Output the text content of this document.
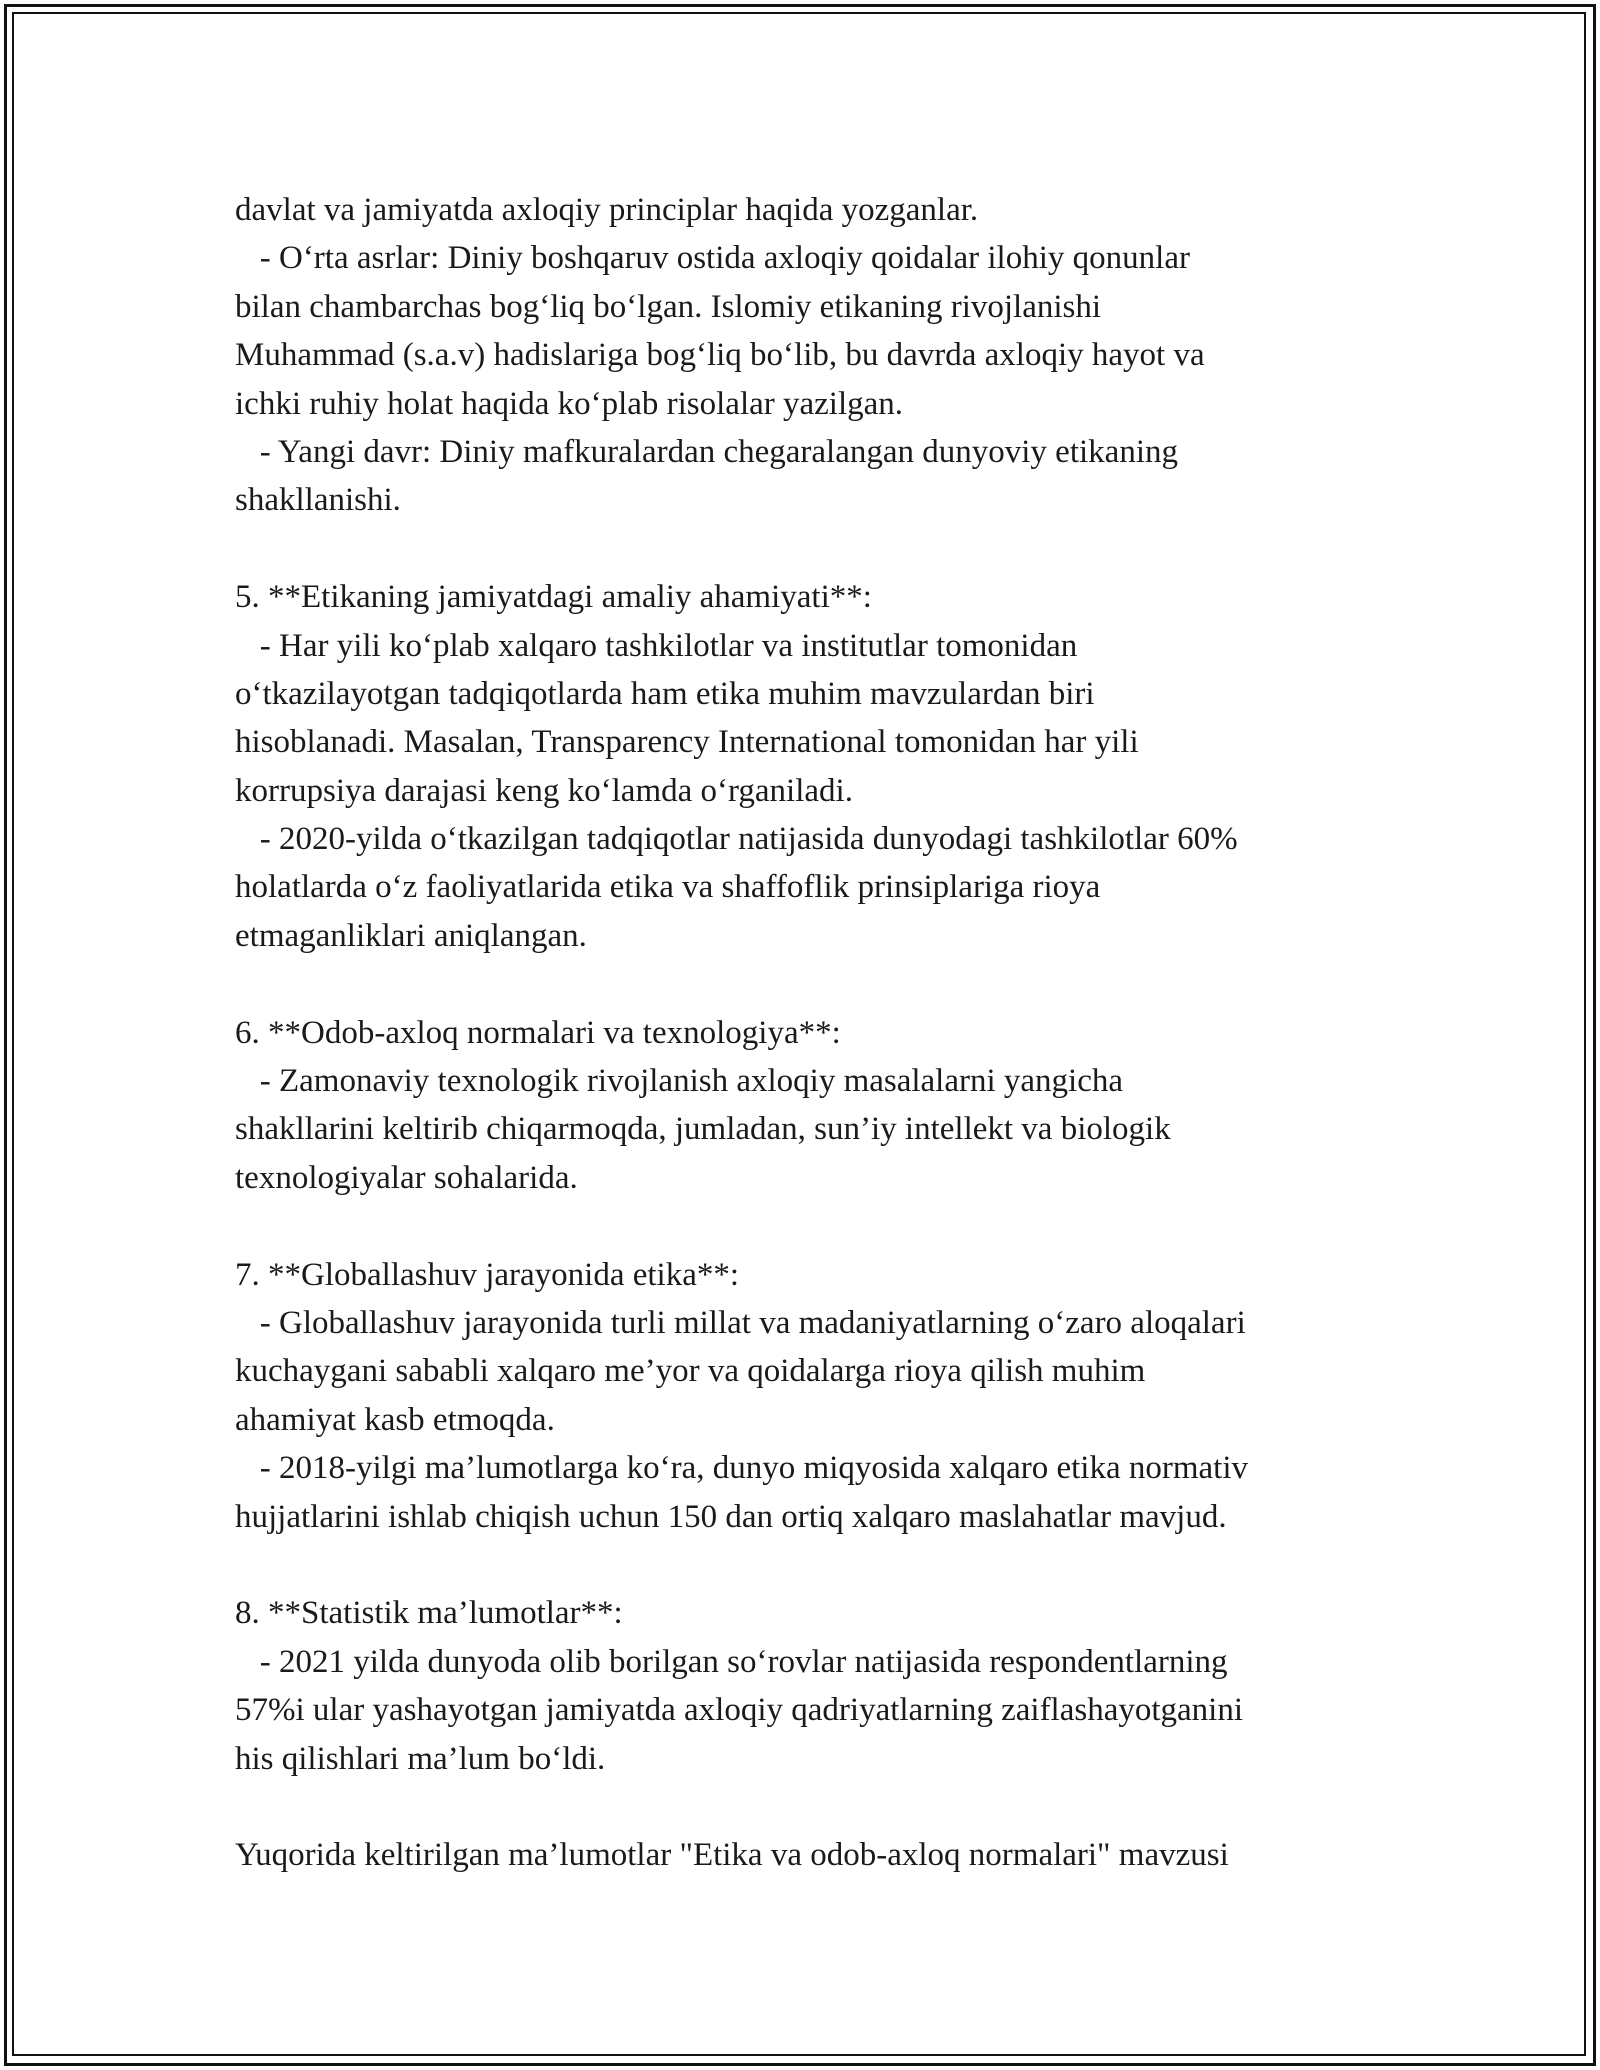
davlat va jamiyatda axloqiy principlar haqida yozganlar.
- O‘rta asrlar: Diniy boshqaruv ostida axloqiy qoidalar ilohiy qonunlar
bilan chambarchas bog‘liq bo‘lgan. Islomiy etikaning rivojlanishi
Muhammad (s.a.v) hadislariga bog‘liq bo‘lib, bu davrda axloqiy hayot va
ichki ruhiy holat haqida ko‘plab risolalar yazilgan.
- Yangi davr: Diniy mafkuralardan chegaralangan dunyoviy etikaning
shakllanishi.
5. **Etikaning jamiyatdagi amaliy ahamiyati**:
- Har yili ko‘plab xalqaro tashkilotlar va institutlar tomonidan
o‘tkazilayotgan tadqiqotlarda ham etika muhim mavzulardan biri
hisoblanadi. Masalan, Transparency International tomonidan har yili
korrupsiya darajasi keng ko‘lamda o‘rganiladi.
- 2020-yilda o‘tkazilgan tadqiqotlar natijasida dunyodagi tashkilotlar 60%
holatlarda o‘z faoliyatlarida etika va shaffoflik prinsiplariga rioya
etmaganliklari aniqlangan.
6. **Odob-axloq normalari va texnologiya**:
- Zamonaviy texnologik rivojlanish axloqiy masalalarni yangicha
shakllarini keltirib chiqarmoqda, jumladan, sun’iy intellekt va biologik
texnologiyalar sohalarida.
7. **Globallashuv jarayonida etika**:
- Globallashuv jarayonida turli millat va madaniyatlarning o‘zaro aloqalari
kuchaygani sababli xalqaro me’yor va qoidalarga rioya qilish muhim
ahamiyat kasb etmoqda.
- 2018-yilgi ma’lumotlarga ko‘ra, dunyo miqyosida xalqaro etika normativ
hujjatlarini ishlab chiqish uchun 150 dan ortiq xalqaro maslahatlar mavjud.
8. **Statistik ma’lumotlar**:
- 2021 yilda dunyoda olib borilgan so‘rovlar natijasida respondentlarning
57%i ular yashayotgan jamiyatda axloqiy qadriyatlarning zaiflashayotganini
his qilishlari ma’lum bo‘ldi.
Yuqorida keltirilgan ma’lumotlar "Etika va odob-axloq normalari" mavzusi
